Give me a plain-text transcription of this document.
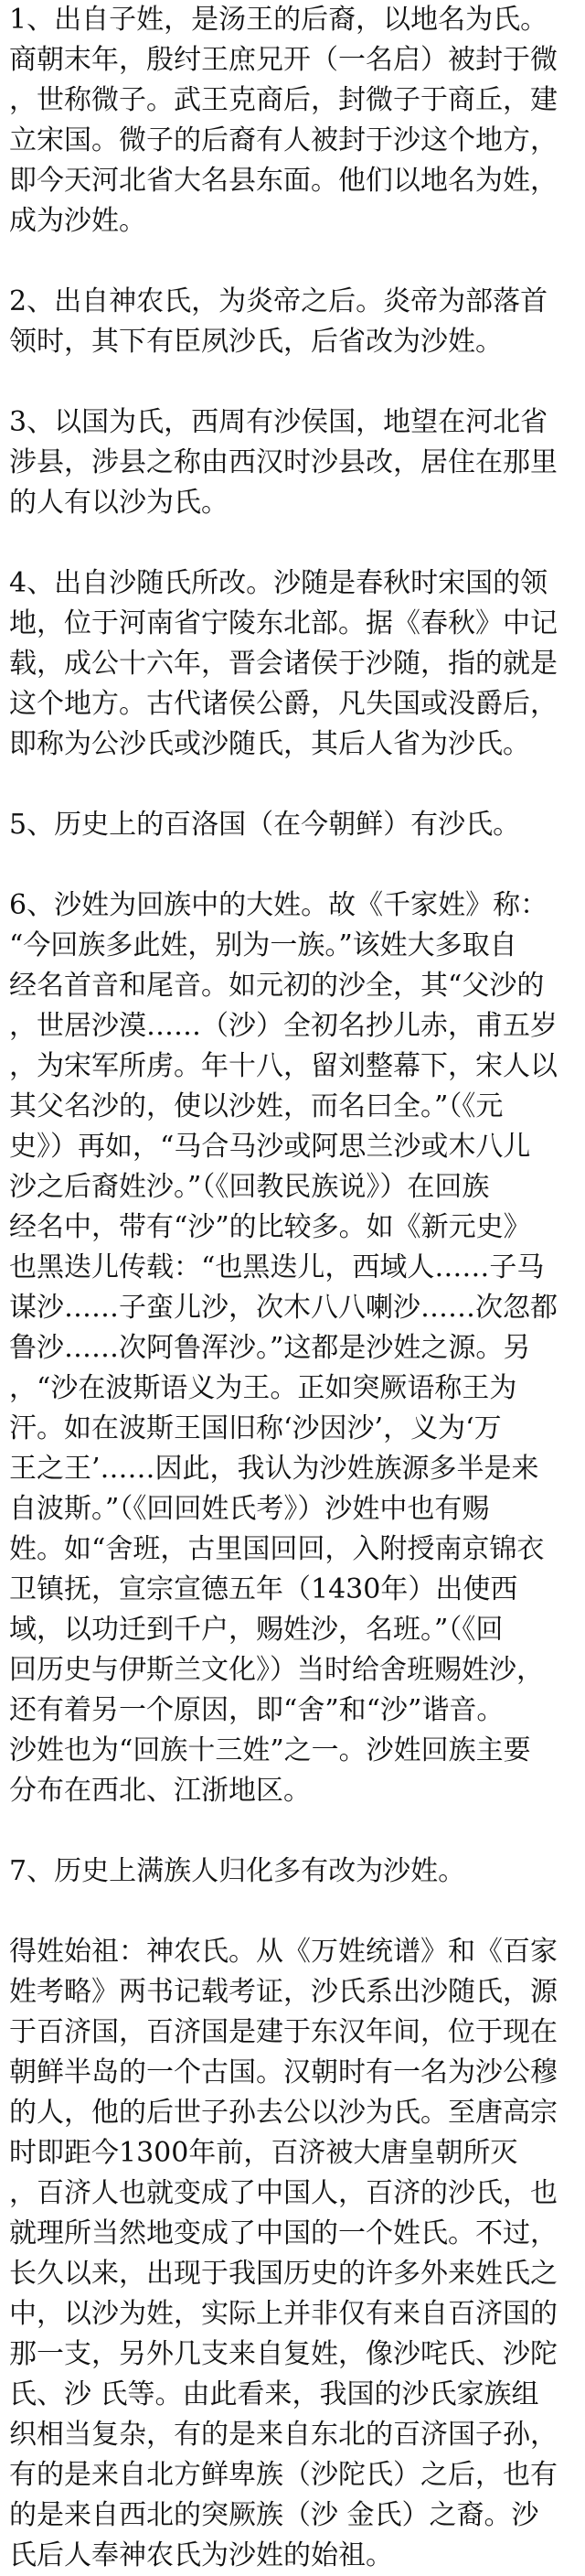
1、出自子姓，是汤王的后裔，以地名为氏。
商朝末年，殷纣王庶兄开（一名启）被封于微
，世称微子。武王克商后，封微子于商丘，建
立宋国。微子的后裔有人被封于沙这个地方，
即今天河北省大名县东面。他们以地名为姓，
成为沙姓。
2、出自神农氏，为炎帝之后。炎帝为部落首
领时，其下有臣夙沙氏，后省改为沙姓。
3、以国为氏，西周有沙侯国，地望在河北省
涉县，涉县之称由西汉时沙县改，居住在那里
的人有以沙为氏。
4、出自沙随氏所改。沙随是春秋时宋国的领
地，位于河南省宁陵东北部。据《春秋》中记
载，成公十六年，晋会诸侯于沙随，指的就是
这个地方。古代诸侯公爵，凡失国或没爵后，
即称为公沙氏或沙随氏，其后人省为沙氏。
5、历史上的百洛国（在今朝鲜）有沙氏。
6、沙姓为回族中的大姓。故《千家姓》称：
“今回族多此姓，别为一族。”该姓大多取自
经名首音和尾音。如元初的沙全，其“父沙的
，世居沙漠……（沙）全初名抄儿赤，甫五岁
，为宋军所虏。年十八，留刘整幕下，宋人以
其父名沙的，使以沙姓，而名曰全。”（《元
史》）再如，“马合马沙或阿思兰沙或木八儿
沙之后裔姓沙。”（《回教民族说》）在回族
经名中，带有“沙”的比较多。如《新元史》
也黑迭儿传载：“也黑迭儿，西域人……子马
谋沙……子蛮儿沙，次木八八喇沙……次忽都
鲁沙……次阿鲁浑沙。”这都是沙姓之源。另
，“沙在波斯语义为王。正如突厥语称王为
汗。如在波斯王国旧称‘沙因沙’，义为‘万
王之王’……因此，我认为沙姓族源多半是来
自波斯。”（《回回姓氏考》）沙姓中也有赐
姓。如“舍班，古里国回回，入附授南京锦衣
卫镇抚，宣宗宣德五年（1430年）出使西
域，以功迁到千户，赐姓沙，名班。”（《回
回历史与伊斯兰文化》）当时给舍班赐姓沙，
还有着另一个原因，即“舍”和“沙”谐音。
沙姓也为“回族十三姓”之一。沙姓回族主要
分布在西北、江浙地区。
7、历史上满族人归化多有改为沙姓。
得姓始祖：神农氏。从《万姓统谱》和《百家
姓考略》两书记载考证，沙氏系出沙随氏，源
于百济国，百济国是建于东汉年间，位于现在
朝鲜半岛的一个古国。汉朝时有一名为沙公穆
的人，他的后世子孙去公以沙为氏。至唐高宗
时即距今1300年前，百济被大唐皇朝所灭
，百济人也就变成了中国人，百济的沙氏，也
就理所当然地变成了中国的一个姓氏。不过，
长久以来，出现于我国历史的许多外来姓氏之
中，以沙为姓，实际上并非仅有来自百济国的
那一支，另外几支来自复姓，像沙咤氏、沙陀
氏、沙 氏等。由此看来，我国的沙氏家族组
织相当复杂，有的是来自东北的百济国子孙，
有的是来自北方鲜卑族（沙陀氏）之后，也有
的是来自西北的突厥族（沙 金氏）之裔。沙
氏后人奉神农氏为沙姓的始祖。
